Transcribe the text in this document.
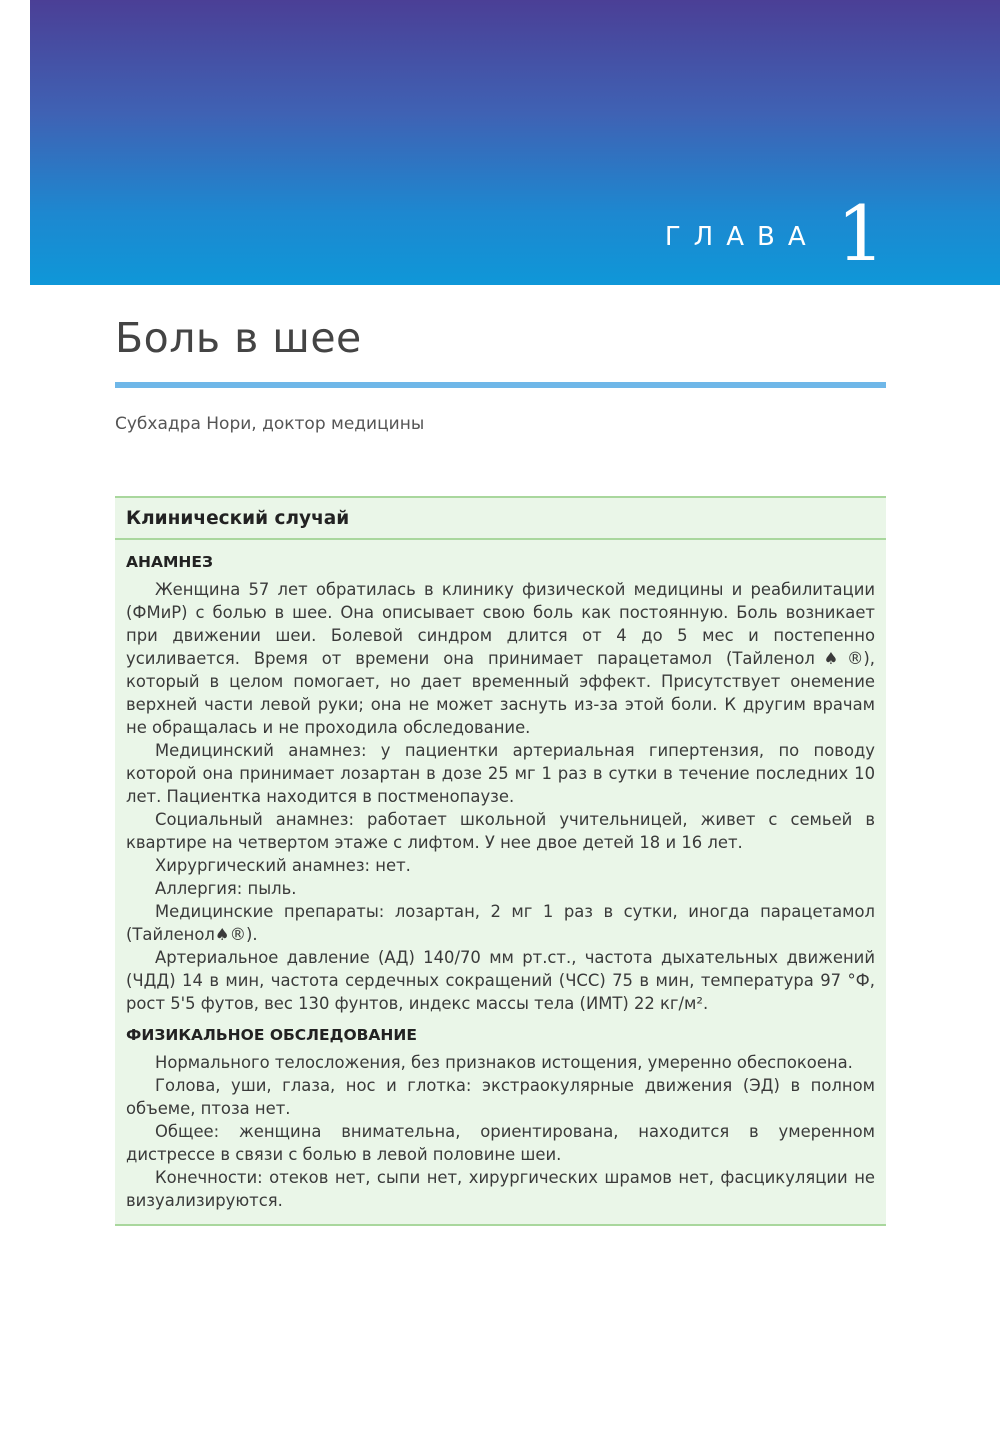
ГЛАВА 1
Боль в шее
Субхадра Нори, доктор медицины
Клинический случай
АНАМНЕЗ

Женщина 57 лет обратилась в клинику физической медицины и реабилитации (ФМиР) с болью в шее. Она описывает свою боль как постоянную. Боль возникает при движении шеи. Болевой синдром длится от 4 до 5 мес и постепенно усиливается. Время от времени она принимает парацетамол (Тайленол♠®), который в целом помогает, но дает временный эффект. Присутствует онемение верхней части левой руки; она не может заснуть из-за этой боли. К другим врачам не обращалась и не проходила обследование.

Медицинский анамнез: у пациентки артериальная гипертензия, по поводу которой она принимает лозартан в дозе 25 мг 1 раз в сутки в течение последних 10 лет. Пациентка находится в постменопаузе.

Социальный анамнез: работает школьной учительницей, живет с семьей в квартире на четвертом этаже с лифтом. У нее двое детей 18 и 16 лет.

Хирургический анамнез: нет.

Аллергия: пыль.

Медицинские препараты: лозартан, 2 мг 1 раз в сутки, иногда парацетамол (Тайленол♠®).

Артериальное давление (АД) 140/70 мм рт.ст., частота дыхательных движений (ЧДД) 14 в мин, частота сердечных сокращений (ЧСС) 75 в мин, температура 97 °Ф, рост 5'5 футов, вес 130 фунтов, индекс массы тела (ИМТ) 22 кг/м².

ФИЗИКАЛЬНОЕ ОБСЛЕДОВАНИЕ

Нормального телосложения, без признаков истощения, умеренно обеспокоена.

Голова, уши, глаза, нос и глотка: экстраокулярные движения (ЭД) в полном объеме, птоза нет.

Общее: женщина внимательна, ориентирована, находится в умеренном дистрессе в связи с болью в левой половине шеи.

Конечности: отеков нет, сыпи нет, хирургических шрамов нет, фасцикуляции не визуализируются.
